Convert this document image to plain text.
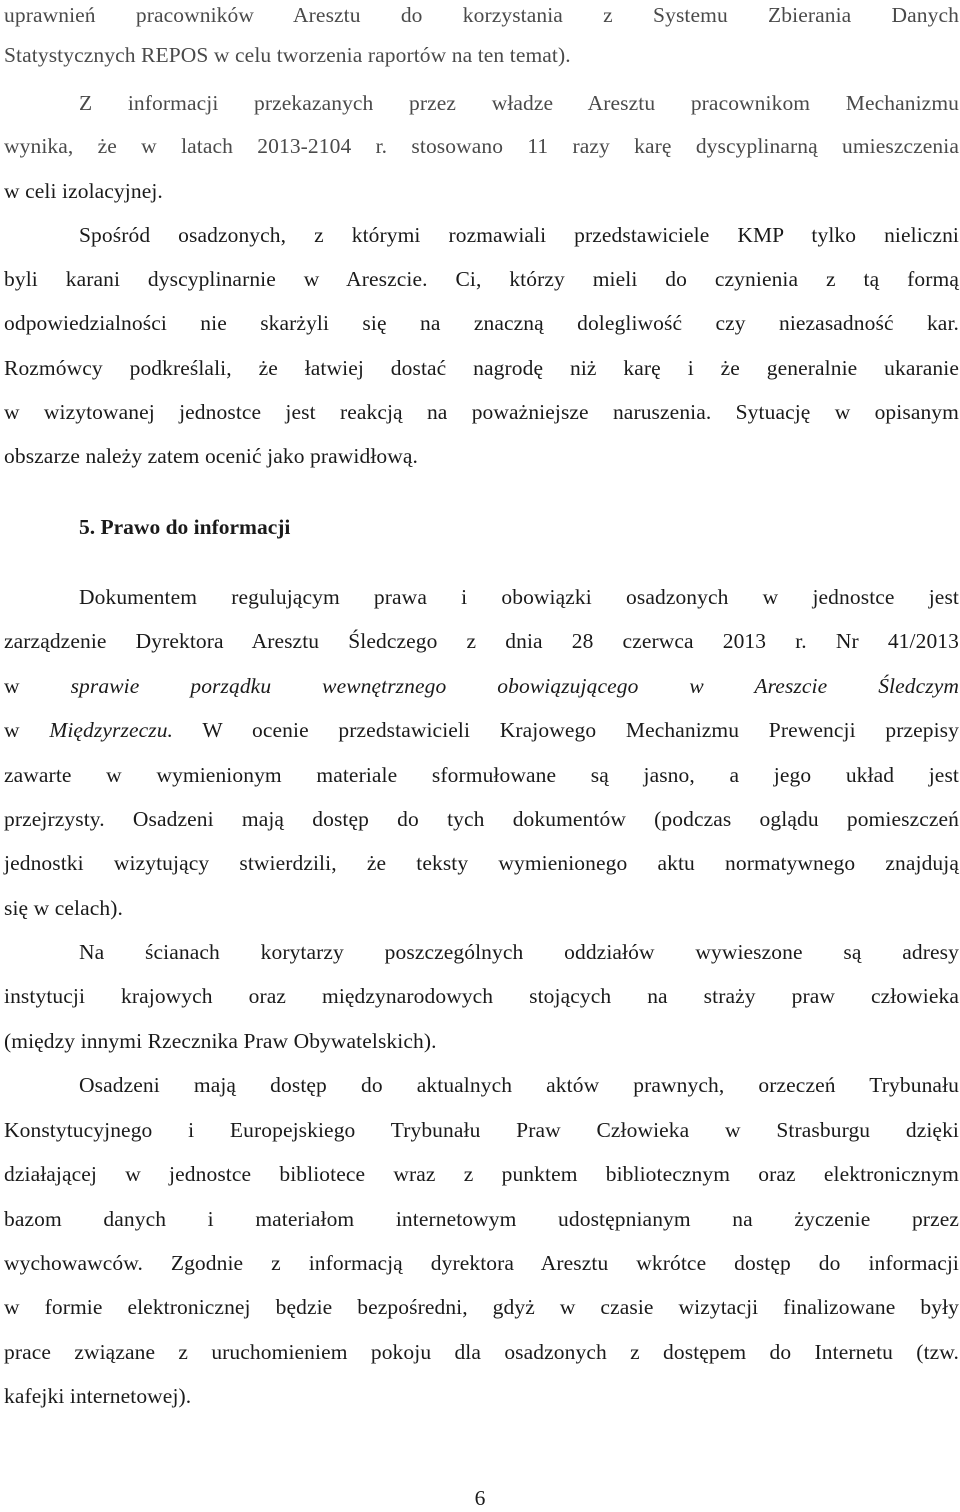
uprawnień pracowników Aresztu do korzystania z Systemu Zbierania Danych
Statystycznych REPOS w celu tworzenia raportów na ten temat).
Z informacji przekazanych przez władze Aresztu pracownikom Mechanizmu
wynika, że w latach 2013-2104 r. stosowano 11 razy karę dyscyplinarną umieszczenia
w celi izolacyjnej.
Spośród osadzonych, z którymi rozmawiali przedstawiciele KMP tylko nieliczni
byli karani dyscyplinarnie w Areszcie. Ci, którzy mieli do czynienia z tą formą
odpowiedzialności nie skarżyli się na znaczną dolegliwość czy niezasadność kar.
Rozmówcy podkreślali, że łatwiej dostać nagrodę niż karę i że generalnie ukaranie
w wizytowanej jednostce jest reakcją na poważniejsze naruszenia. Sytuację w opisanym
obszarze należy zatem ocenić jako prawidłową.
5. Prawo do informacji
Dokumentem regulującym prawa i obowiązki osadzonych w jednostce jest
zarządzenie Dyrektora Aresztu Śledczego z dnia 28 czerwca 2013 r. Nr 41/2013
w sprawie porządku wewnętrznego obowiązującego w Areszcie Śledczym
w Międzyrzeczu. W ocenie przedstawicieli Krajowego Mechanizmu Prewencji przepisy
zawarte w wymienionym materiale sformułowane są jasno, a jego układ jest
przejrzysty. Osadzeni mają dostęp do tych dokumentów (podczas oglądu pomieszczeń
jednostki wizytujący stwierdzili, że teksty wymienionego aktu normatywnego znajdują
się w celach).
Na ścianach korytarzy poszczególnych oddziałów wywieszone są adresy
instytucji krajowych oraz międzynarodowych stojących na straży praw człowieka
(między innymi Rzecznika Praw Obywatelskich).
Osadzeni mają dostęp do aktualnych aktów prawnych, orzeczeń Trybunału
Konstytucyjnego i Europejskiego Trybunału Praw Człowieka w Strasburgu dzięki
działającej w jednostce bibliotece wraz z punktem bibliotecznym oraz elektronicznym
bazom danych i materiałom internetowym udostępnianym na życzenie przez
wychowawców. Zgodnie z informacją dyrektora Aresztu wkrótce dostęp do informacji
w formie elektronicznej będzie bezpośredni, gdyż w czasie wizytacji finalizowane były
prace związane z uruchomieniem pokoju dla osadzonych z dostępem do Internetu (tzw.
kafejki internetowej).
6
